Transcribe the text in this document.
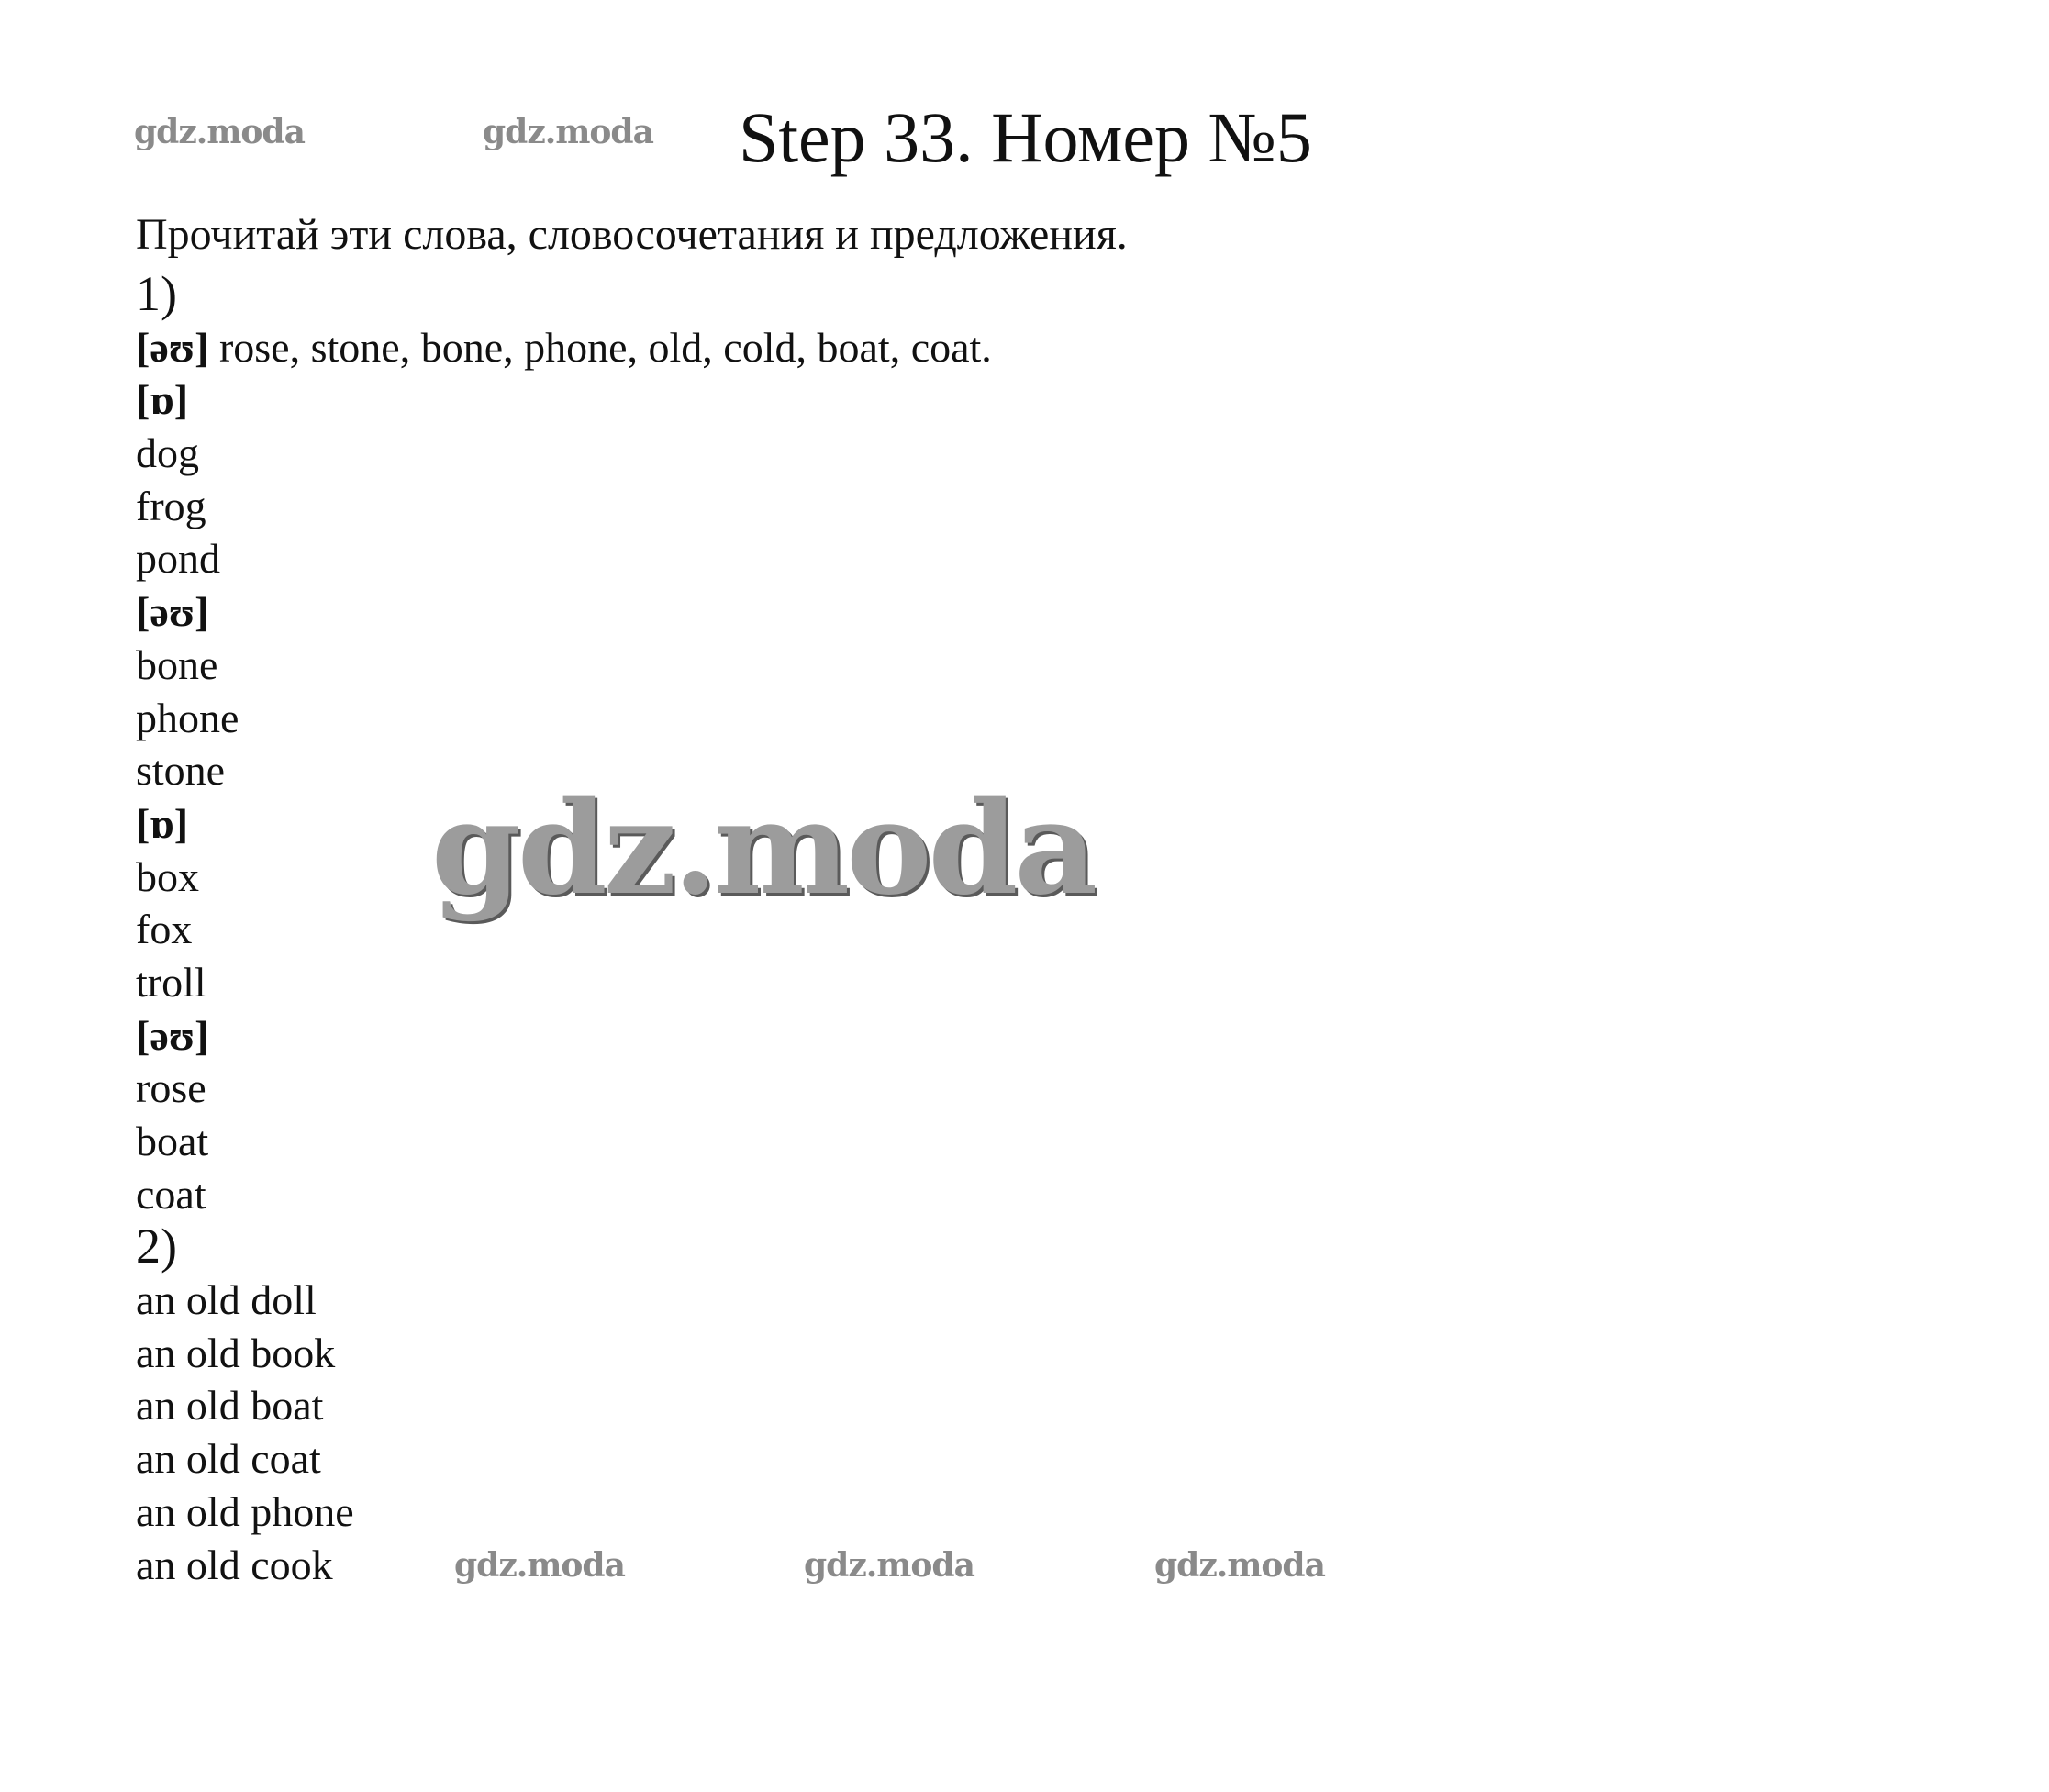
gdz.moda	gdz.moda Step 33. Номер №5
Прочитай эти слова, словосочетания и предложения.
1)
[əʊ] rose, stone, bone, phone, old, cold, boat, coat.
[ɒ]
dog
frog
pond
[əʊ]
bone
phone
stone
[ɒ]
box
fox
troll
[əʊ]
rose
boat
coat
2)
an old doll
an old book
an old boat
an old coat
an old phone
an old cook
gdz.moda
gdz.moda	gdz.moda	gdz.moda
